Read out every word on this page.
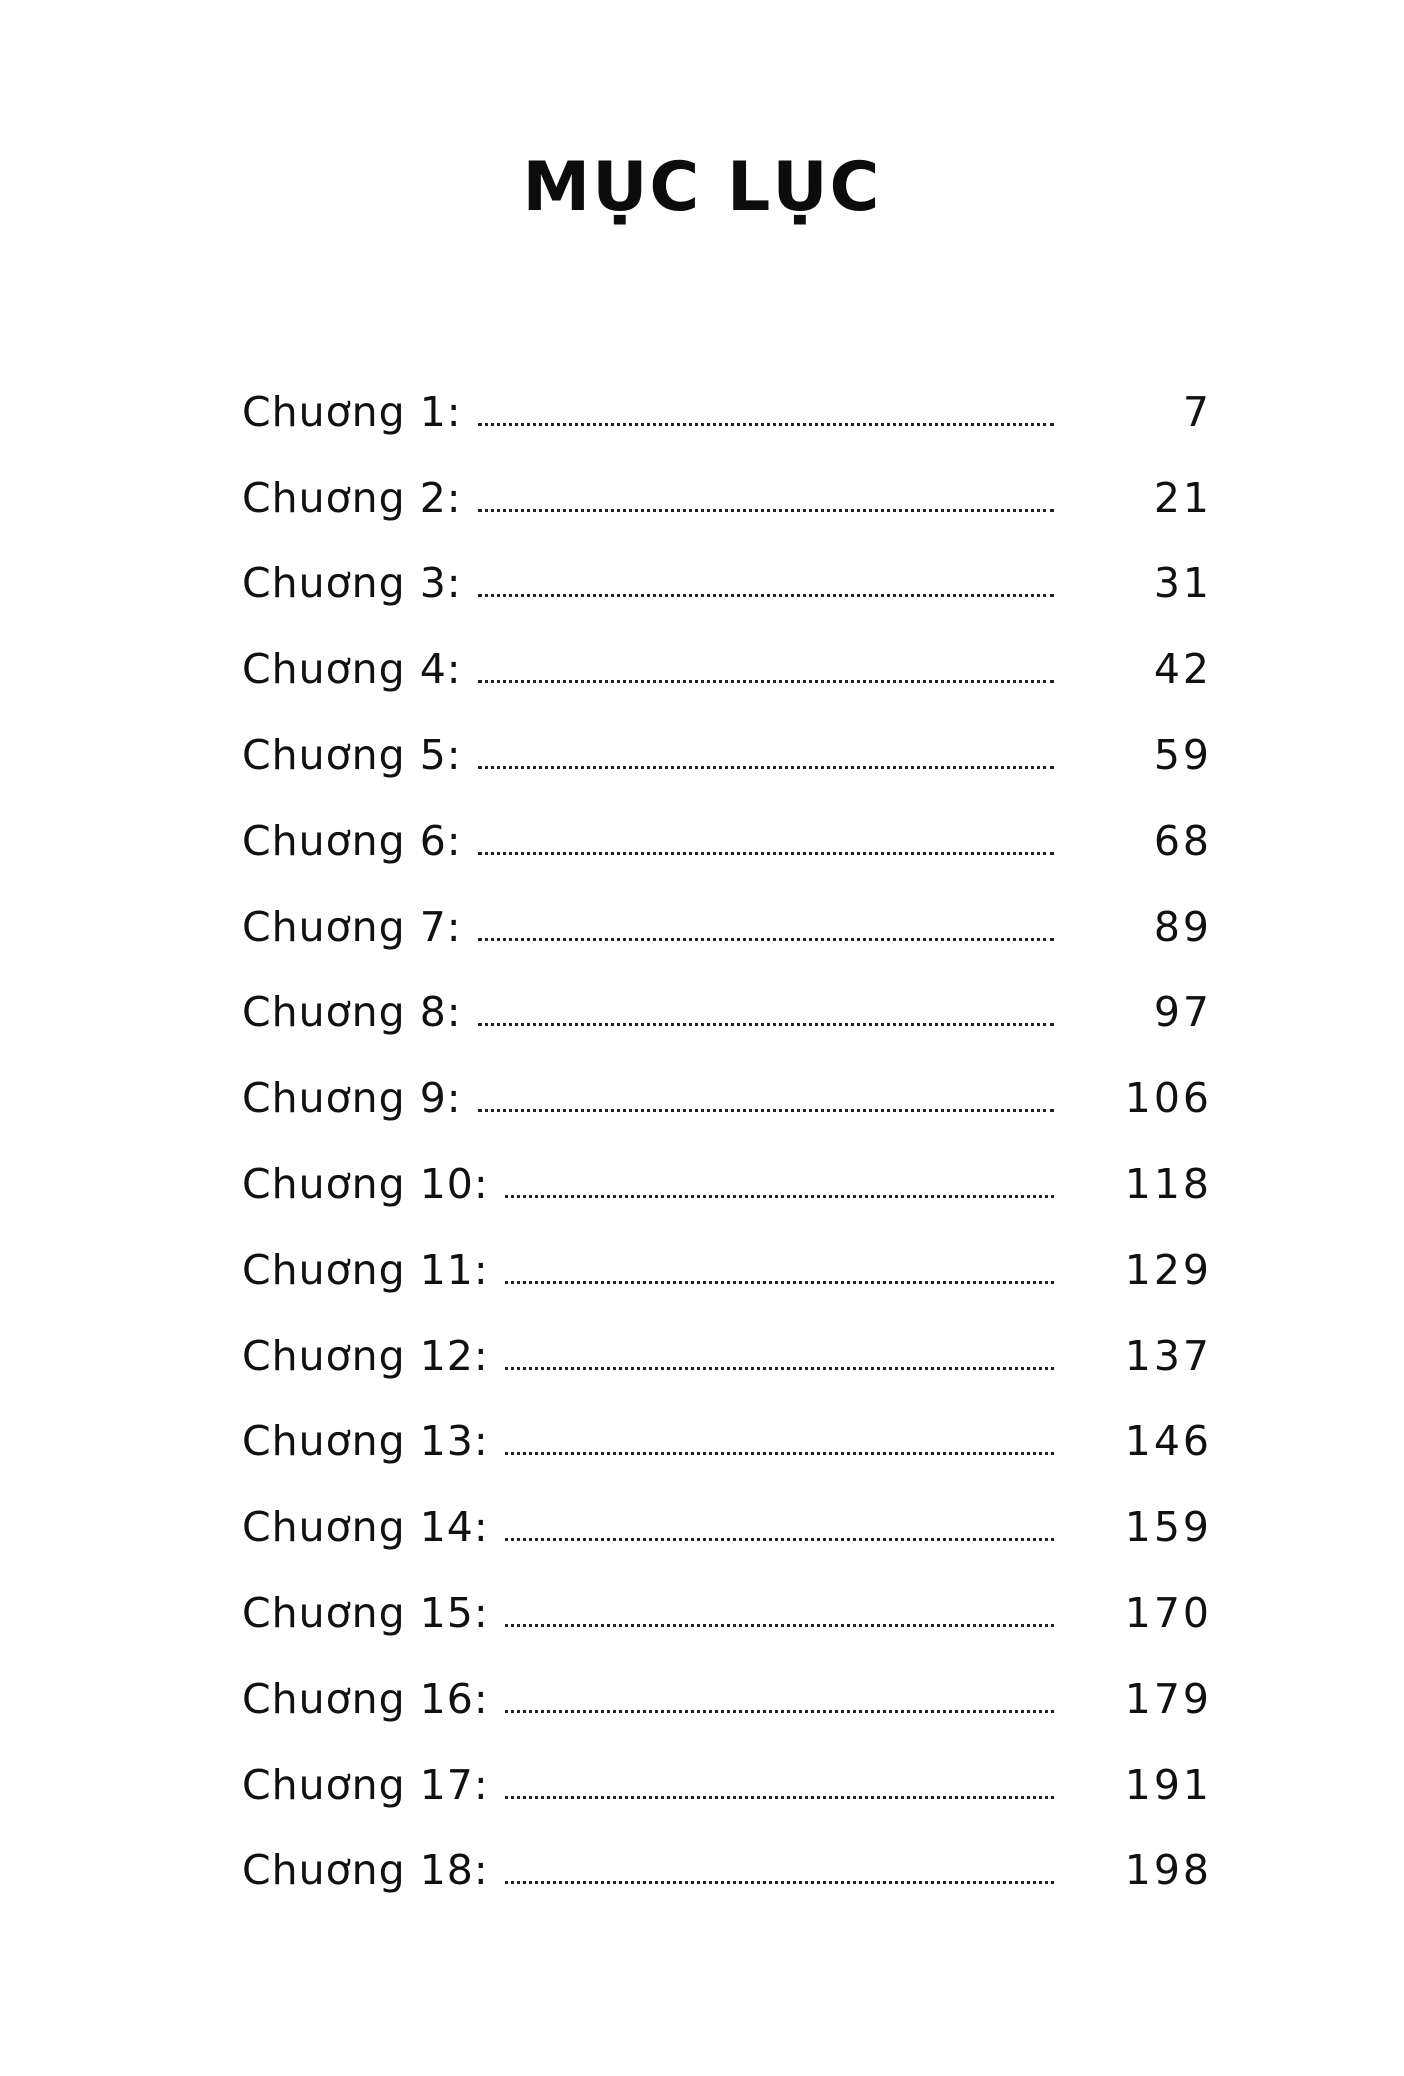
MỤC LỤC
Chuơng 1:	7
Chuơng 2:	21
Chuơng 3:	31
Chuơng 4:	42
Chuơng 5:	59
Chuơng 6:	68
Chuơng 7:	89
Chuơng 8:	97
Chuơng 9:	106
Chuơng 10:	118
Chuơng 11:	129
Chuơng 12:	137
Chuơng 13:	146
Chuơng 14:	159
Chuơng 15:	170
Chuơng 16:	179
Chuơng 17:	191
Chuơng 18:	198
